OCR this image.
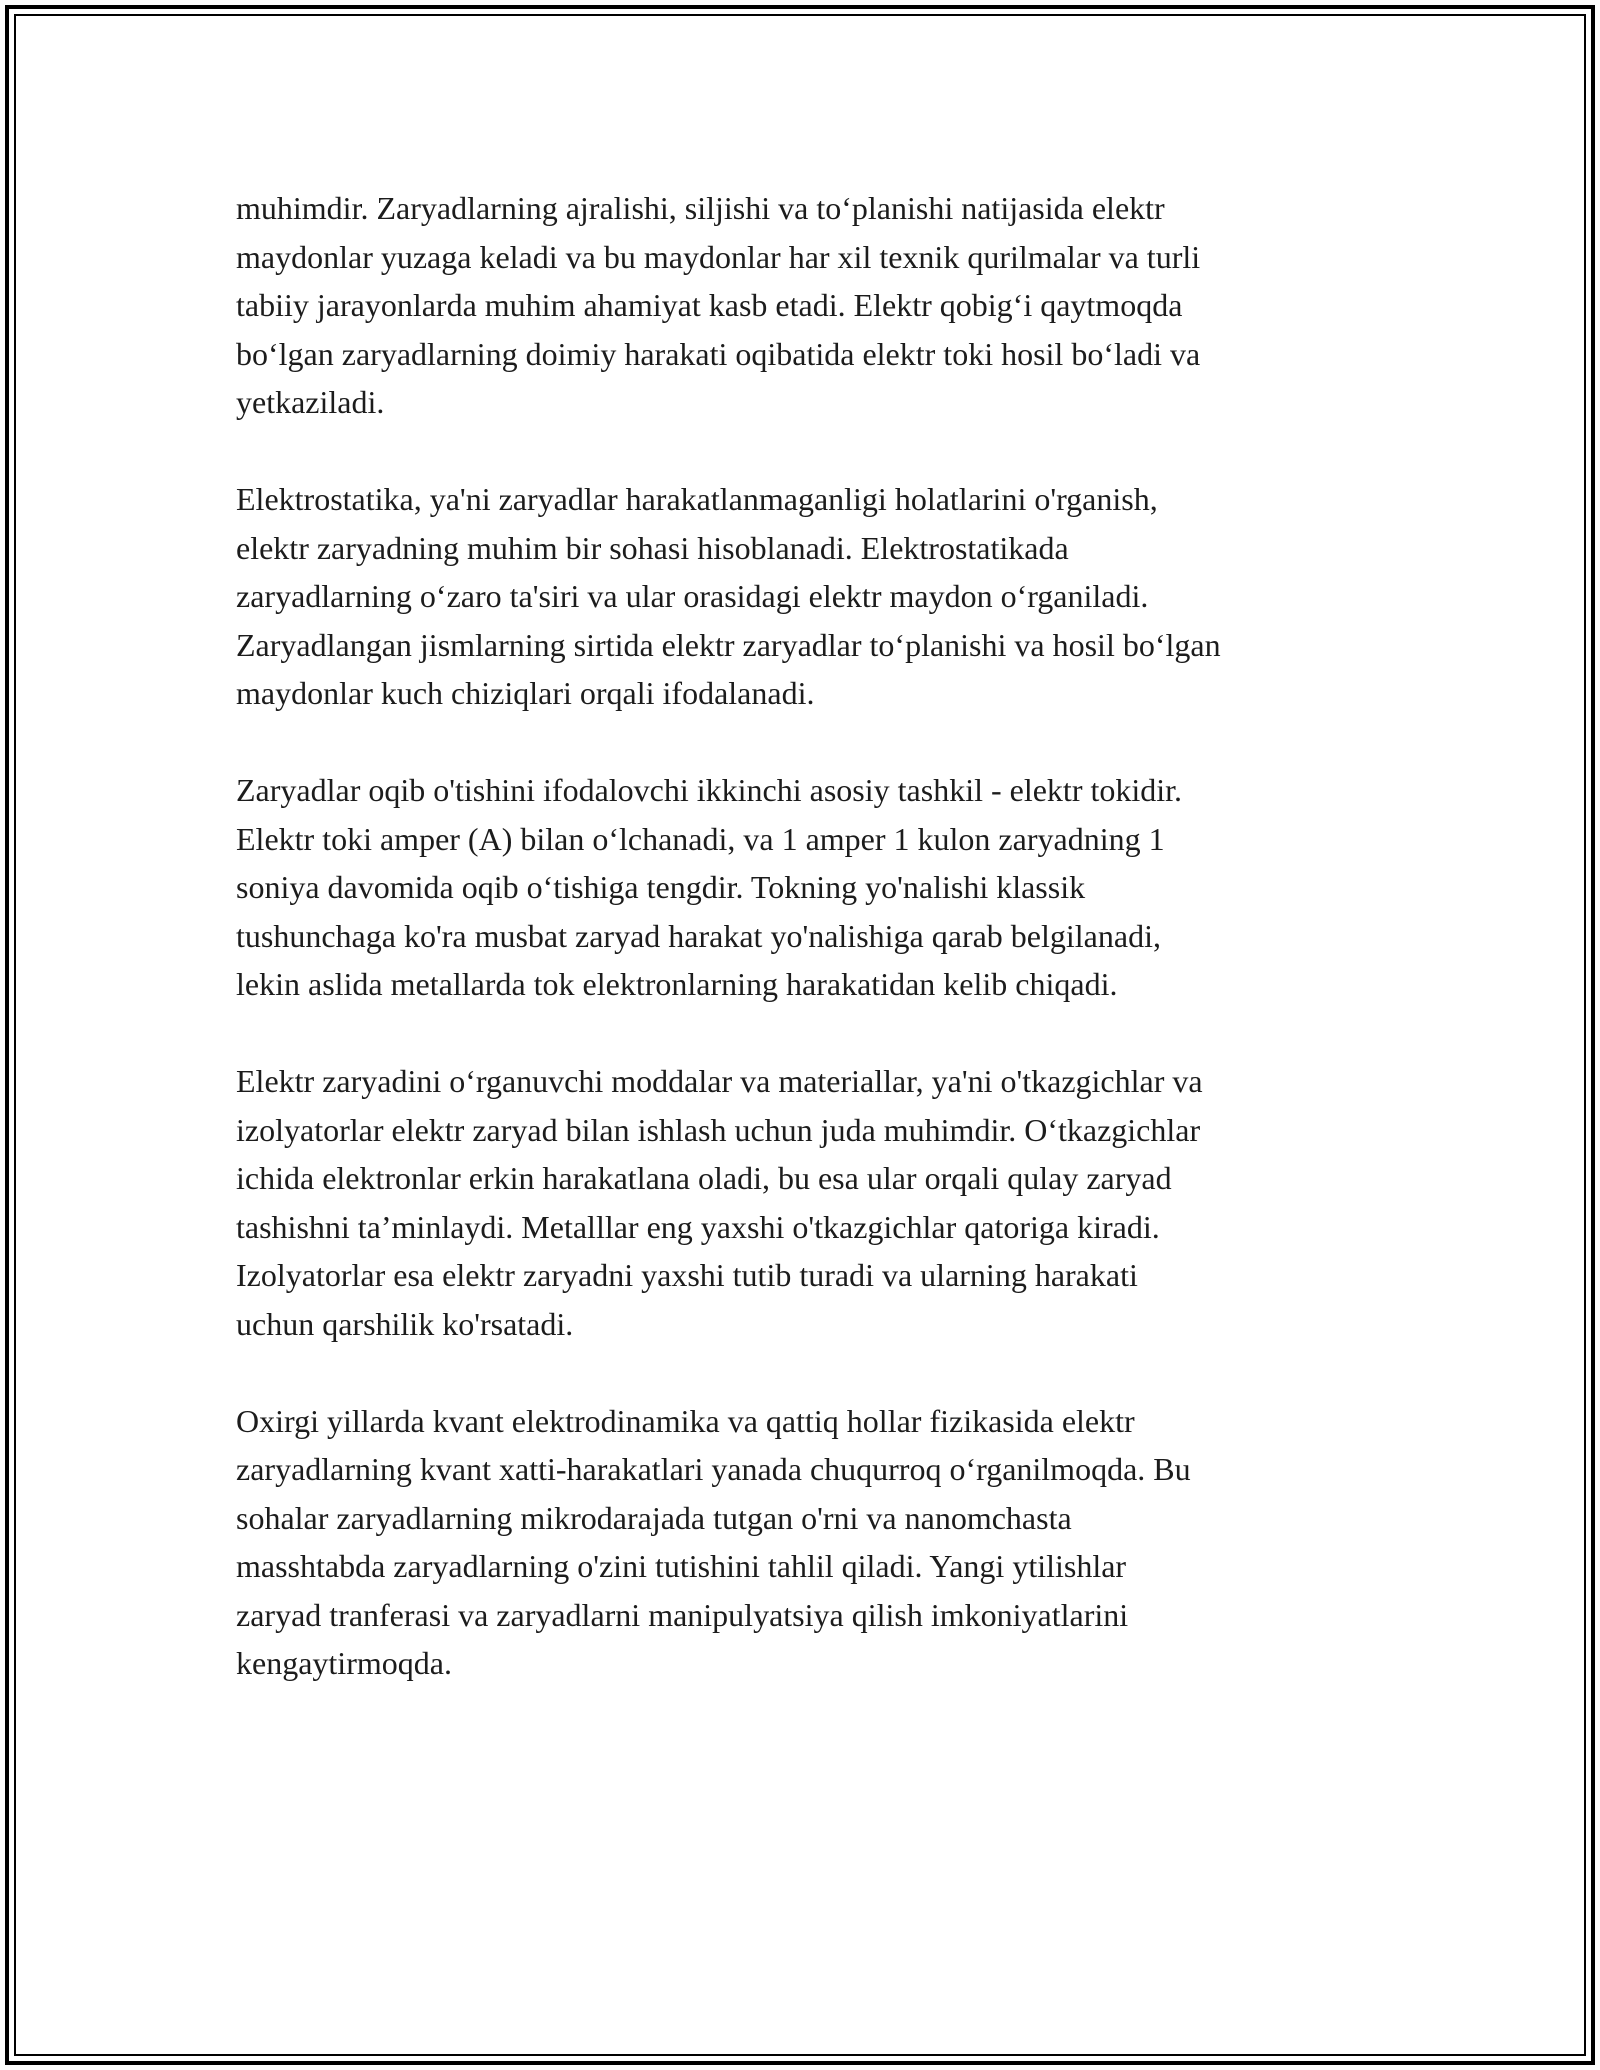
muhimdir. Zaryadlarning ajralishi, siljishi va to‘planishi natijasida elektr
maydonlar yuzaga keladi va bu maydonlar har xil texnik qurilmalar va turli
tabiiy jarayonlarda muhim ahamiyat kasb etadi. Elektr qobig‘i qaytmoqda
bo‘lgan zaryadlarning doimiy harakati oqibatida elektr toki hosil bo‘ladi va
yetkaziladi.

Elektrostatika, ya'ni zaryadlar harakatlanmaganligi holatlarini o'rganish,
elektr zaryadning muhim bir sohasi hisoblanadi. Elektrostatikada
zaryadlarning o‘zaro ta'siri va ular orasidagi elektr maydon o‘rganiladi.
Zaryadlangan jismlarning sirtida elektr zaryadlar to‘planishi va hosil bo‘lgan
maydonlar kuch chiziqlari orqali ifodalanadi.

Zaryadlar oqib o'tishini ifodalovchi ikkinchi asosiy tashkil - elektr tokidir.
Elektr toki amper (A) bilan o‘lchanadi, va 1 amper 1 kulon zaryadning 1
soniya davomida oqib o‘tishiga tengdir. Tokning yo'nalishi klassik
tushunchaga ko'ra musbat zaryad harakat yo'nalishiga qarab belgilanadi,
lekin aslida metallarda tok elektronlarning harakatidan kelib chiqadi.

Elektr zaryadini o‘rganuvchi moddalar va materiallar, ya'ni o'tkazgichlar va
izolyatorlar elektr zaryad bilan ishlash uchun juda muhimdir. O‘tkazgichlar
ichida elektronlar erkin harakatlana oladi, bu esa ular orqali qulay zaryad
tashishni ta’minlaydi. Metalllar eng yaxshi o'tkazgichlar qatoriga kiradi.
Izolyatorlar esa elektr zaryadni yaxshi tutib turadi va ularning harakati
uchun qarshilik ko'rsatadi.

Oxirgi yillarda kvant elektrodinamika va qattiq hollar fizikasida elektr
zaryadlarning kvant xatti-harakatlari yanada chuqurroq o‘rganilmoqda. Bu
sohalar zaryadlarning mikrodarajada tutgan o'rni va nanomchasta
masshtabda zaryadlarning o'zini tutishini tahlil qiladi. Yangi ytilishlar
zaryad tranferasi va zaryadlarni manipulyatsiya qilish imkoniyatlarini
kengaytirmoqda.
